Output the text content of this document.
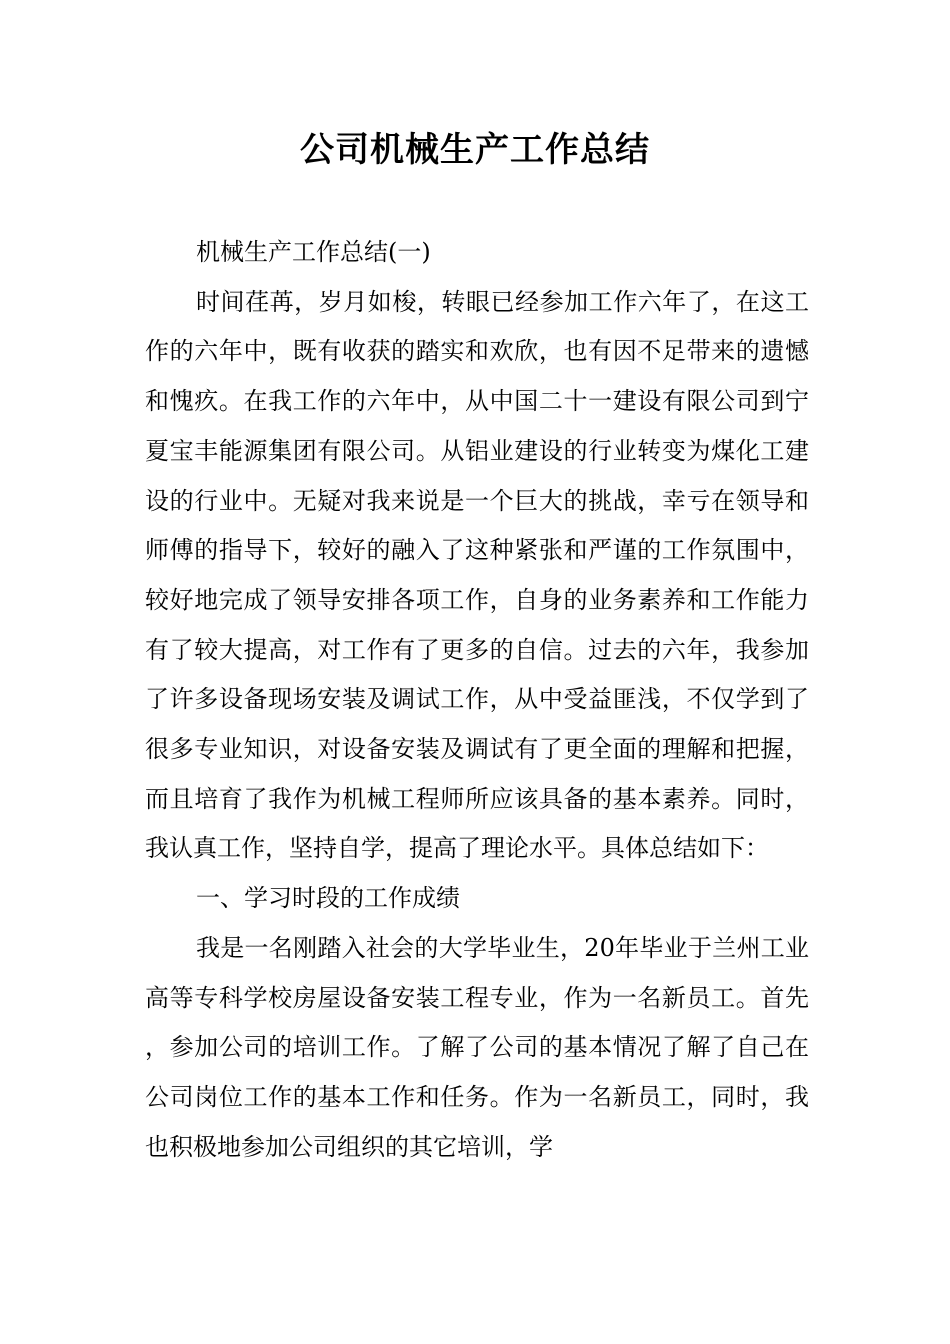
公司机械生产工作总结

机械生产工作总结(一)

时间荏苒，岁月如梭，转眼已经参加工作六年了，在这工作的六年中，既有收获的踏实和欢欣，也有因不足带来的遗憾和愧疚。在我工作的六年中，从中国二十一建设有限公司到宁夏宝丰能源集团有限公司。从铝业建设的行业转变为煤化工建设的行业中。无疑对我来说是一个巨大的挑战，幸亏在领导和师傅的指导下，较好的融入了这种紧张和严谨的工作氛围中，较好地完成了领导安排各项工作，自身的业务素养和工作能力有了较大提高，对工作有了更多的自信。过去的六年，我参加了许多设备现场安装及调试工作，从中受益匪浅，不仅学到了很多专业知识，对设备安装及调试有了更全面的理解和把握，而且培育了我作为机械工程师所应该具备的基本素养。同时，我认真工作，坚持自学，提高了理论水平。具体总结如下：

一、学习时段的工作成绩

我是一名刚踏入社会的大学毕业生，20年毕业于兰州工业高等专科学校房屋设备安装工程专业，作为一名新员工。首先，参加公司的培训工作。了解了公司的基本情况了解了自己在公司岗位工作的基本工作和任务。作为一名新员工，同时，我也积极地参加公司组织的其它培训，学
